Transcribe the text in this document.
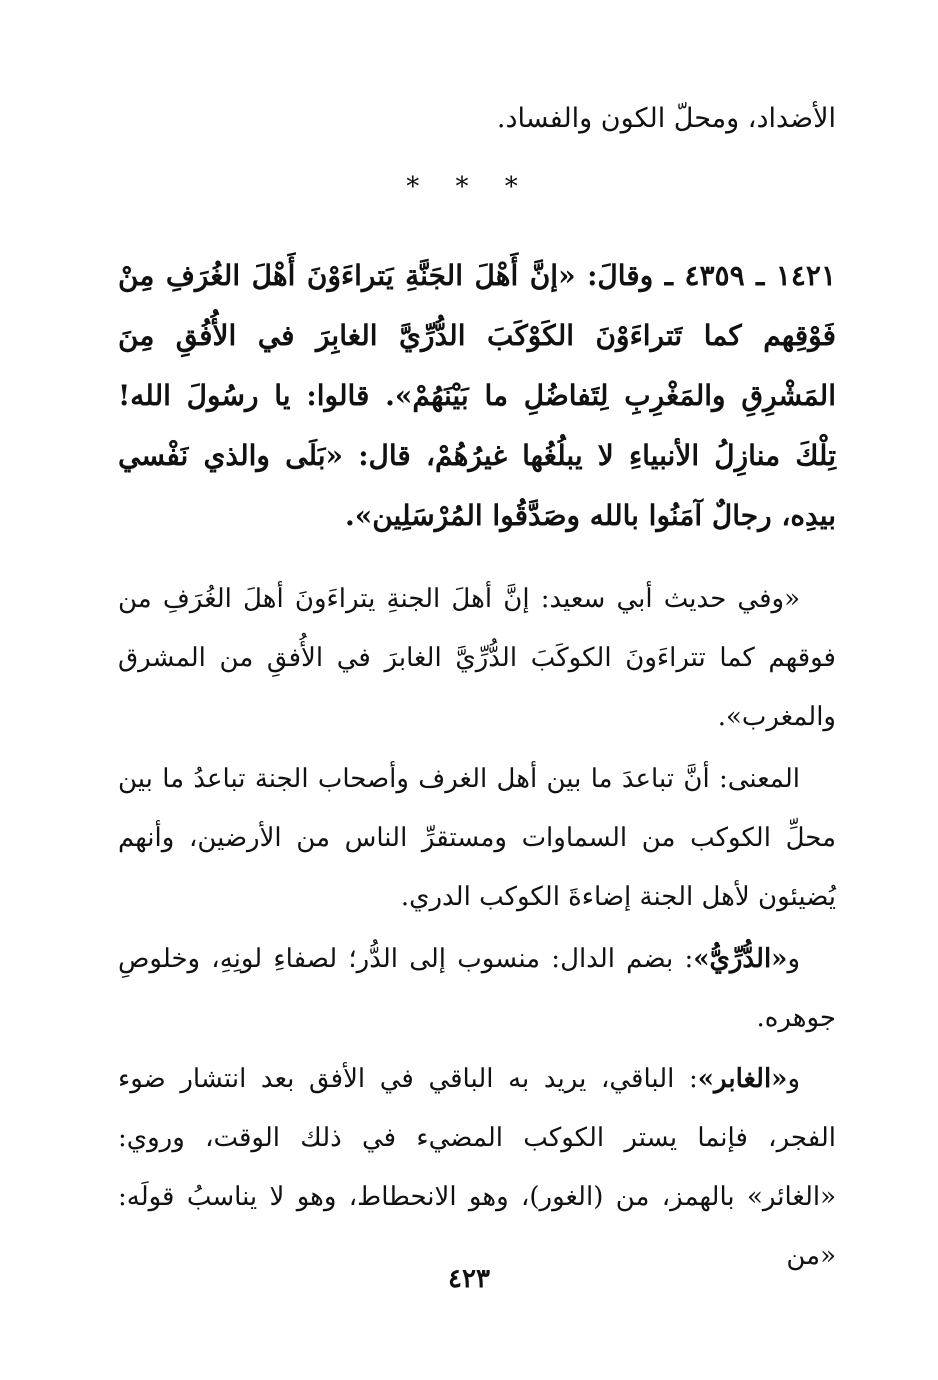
الأضداد، ومحلّ الكون والفساد.
* * *
١٤٢١ ـ ٤٣٥٩ ـ وقالَ: «إنَّ أَهْلَ الجَنَّةِ يَتراءَوْنَ أَهْلَ الغُرَفِ مِنْ فَوْقِهم كما تَتراءَوْنَ الكَوْكَبَ الدُّرِّيَّ الغابِرَ في الأُفُقِ مِنَ المَشْرِقِ والمَغْرِبِ لِتَفاضُلِ ما بَيْنَهُمْ». قالوا: يا رسُولَ الله! تِلْكَ منازِلُ الأنبياءِ لا يبلُغُها غيرُهُمْ، قال: «بَلَى والذي نَفْسي بيدِه، رجالٌ آمَنُوا بالله وصَدَّقُوا المُرْسَلِين».
«وفي حديث أبي سعيد: إنَّ أهلَ الجنةِ يتراءَونَ أهلَ الغُرَفِ من فوقهم كما تتراءَونَ الكوكَبَ الدُّرِّيَّ الغابرَ في الأُفقِ من المشرق والمغرب».
المعنى: أنَّ تباعدَ ما بين أهل الغرف وأصحاب الجنة تباعدُ ما بين محلِّ الكوكب من السماوات ومستقرِّ الناس من الأرضين، وأنهم يُضيئون لأهل الجنة إضاءةَ الكوكب الدري.
و«الدُّرِّيُّ»: بضم الدال: منسوب إلى الدُّر؛ لصفاءِ لونِهِ، وخلوصِ جوهره.
و«الغابر»: الباقي، يريد به الباقي في الأفق بعد انتشار ضوء الفجر، فإنما يستر الكوكب المضيء في ذلك الوقت، وروي: «الغائر» بالهمز، من (الغور)، وهو الانحطاط، وهو لا يناسبُ قولَه: «من
٤٢٣
